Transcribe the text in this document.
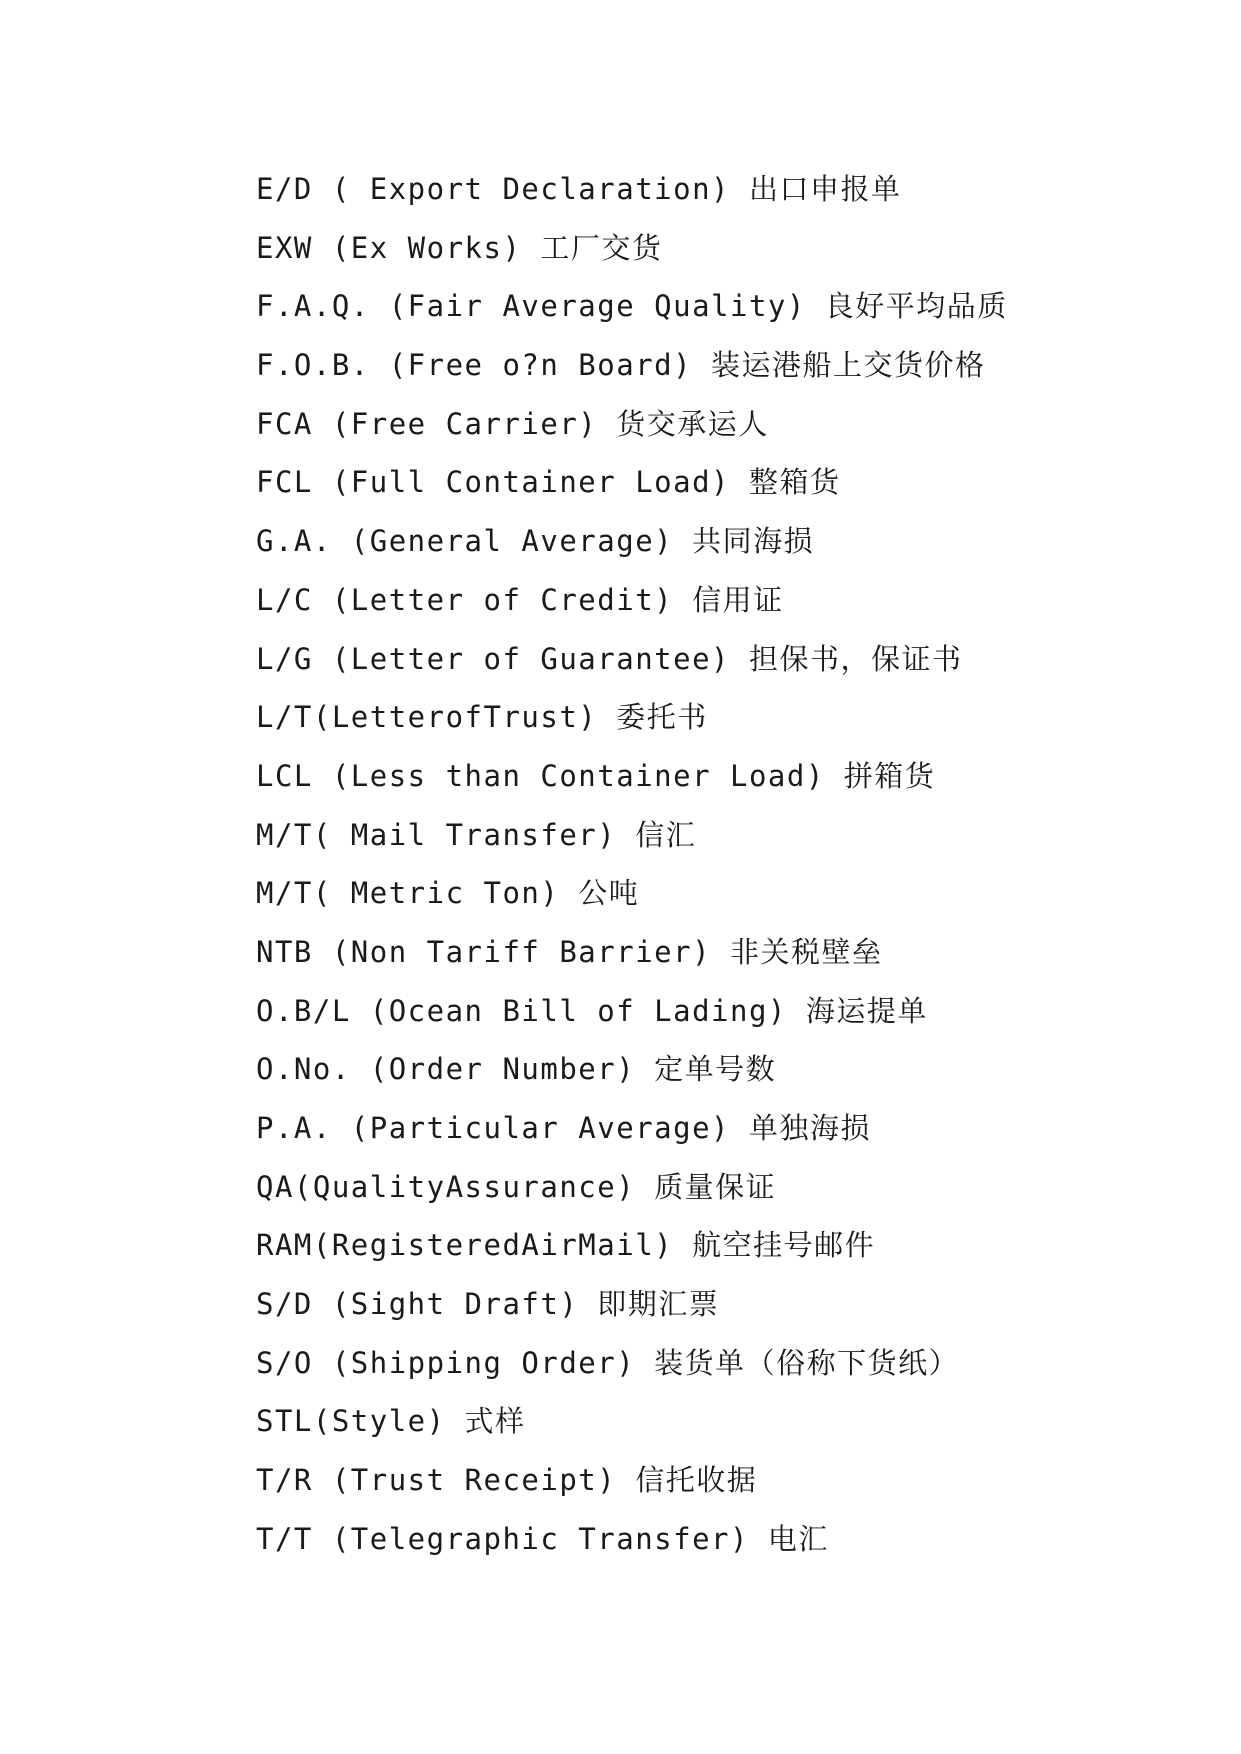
E/D ( Export Declaration) 出口申报单
EXW (Ex Works) 工厂交货
F.A.Q. (Fair Average Quality) 良好平均品质
F.O.B. (Free o?n Board) 装运港船上交货价格
FCA (Free Carrier) 货交承运人
FCL (Full Container Load) 整箱货
G.A. (General Average) 共同海损
L/C (Letter of Credit) 信用证
L/G (Letter of Guarantee) 担保书，保证书
L/T(LetterofTrust) 委托书
LCL (Less than Container Load) 拼箱货
M/T( Mail Transfer) 信汇
M/T( Metric Ton) 公吨
NTB (Non Tariff Barrier) 非关税壁垒
O.B/L (Ocean Bill of Lading) 海运提单
O.No. (Order Number) 定单号数
P.A. (Particular Average) 单独海损
QA(QualityAssurance) 质量保证
RAM(RegisteredAirMail) 航空挂号邮件
S/D (Sight Draft) 即期汇票
S/O (Shipping Order) 装货单（俗称下货纸）
STL(Style) 式样
T/R (Trust Receipt) 信托收据
T/T (Telegraphic Transfer) 电汇
